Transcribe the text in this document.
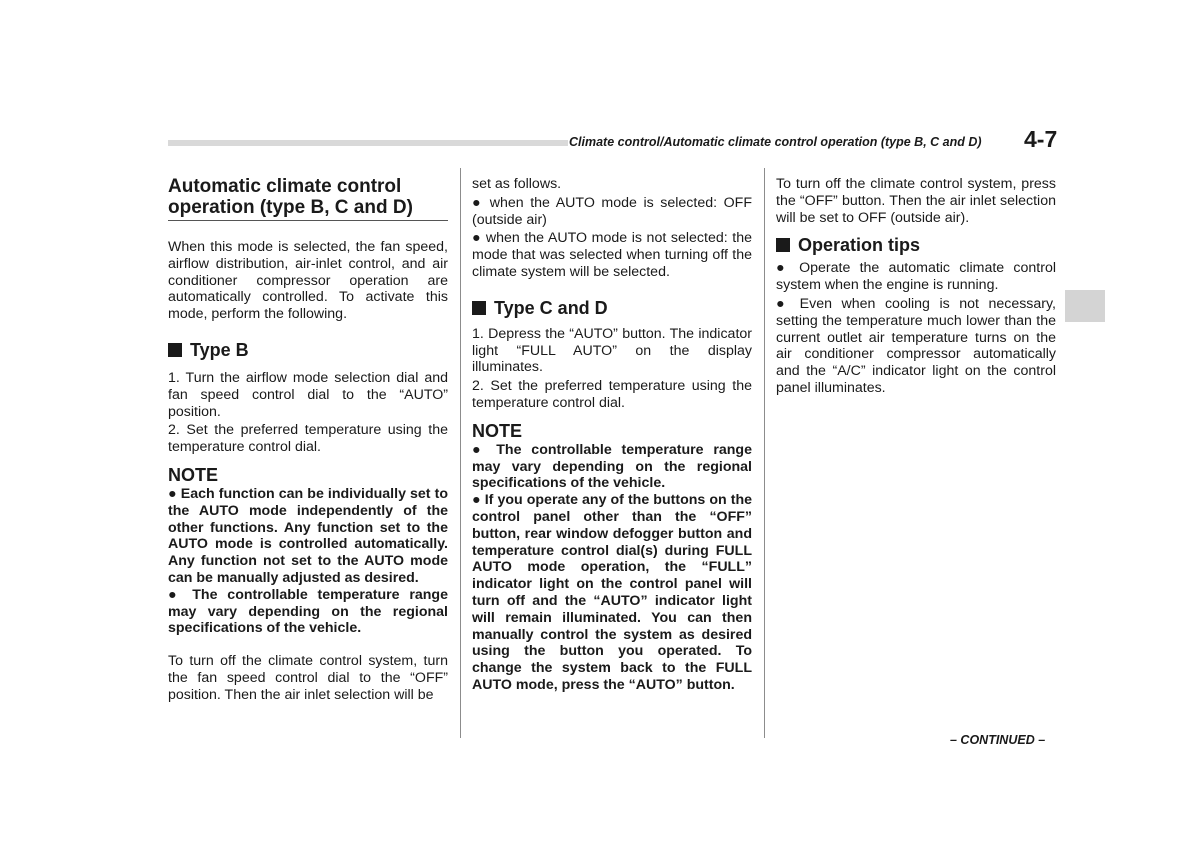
Climate control/Automatic climate control operation (type B, C and D) 4-7
Automatic climate control operation (type B, C and D)

When this mode is selected, the fan speed, airflow distribution, air-inlet control, and air conditioner compressor operation are automatically controlled. To activate this mode, perform the following.

Type B

1. Turn the airflow mode selection dial and fan speed control dial to the “AUTO” position.

2. Set the preferred temperature using the temperature control dial.

NOTE

● Each function can be individually set to the AUTO mode independently of the other functions. Any function set to the AUTO mode is controlled automatically. Any function not set to the AUTO mode can be manually adjusted as desired.

● The controllable temperature range may vary depending on the regional specifications of the vehicle.

To turn off the climate control system, turn the fan speed control dial to the “OFF” position. Then the air inlet selection will be

set as follows.

● when the AUTO mode is selected: OFF (outside air)

● when the AUTO mode is not selected: the mode that was selected when turning off the climate system will be selected.

Type C and D

1. Depress the “AUTO” button. The indicator light “FULL AUTO” on the display illuminates.

2. Set the preferred temperature using the temperature control dial.

NOTE

● The controllable temperature range may vary depending on the regional specifications of the vehicle.

● If you operate any of the buttons on the control panel other than the “OFF” button, rear window defogger button and temperature control dial(s) during FULL AUTO mode operation, the “FULL” indicator light on the control panel will turn off and the “AUTO” indicator light will remain illuminated. You can then manually control the system as desired using the button you operated. To change the system back to the FULL AUTO mode, press the “AUTO” button.

To turn off the climate control system, press the “OFF” button. Then the air inlet selection will be set to OFF (outside air).

Operation tips

● Operate the automatic climate control system when the engine is running.

● Even when cooling is not necessary, setting the temperature much lower than the current outlet air temperature turns on the air conditioner compressor automatically and the “A/C” indicator light on the control panel illuminates.

– CONTINUED –
